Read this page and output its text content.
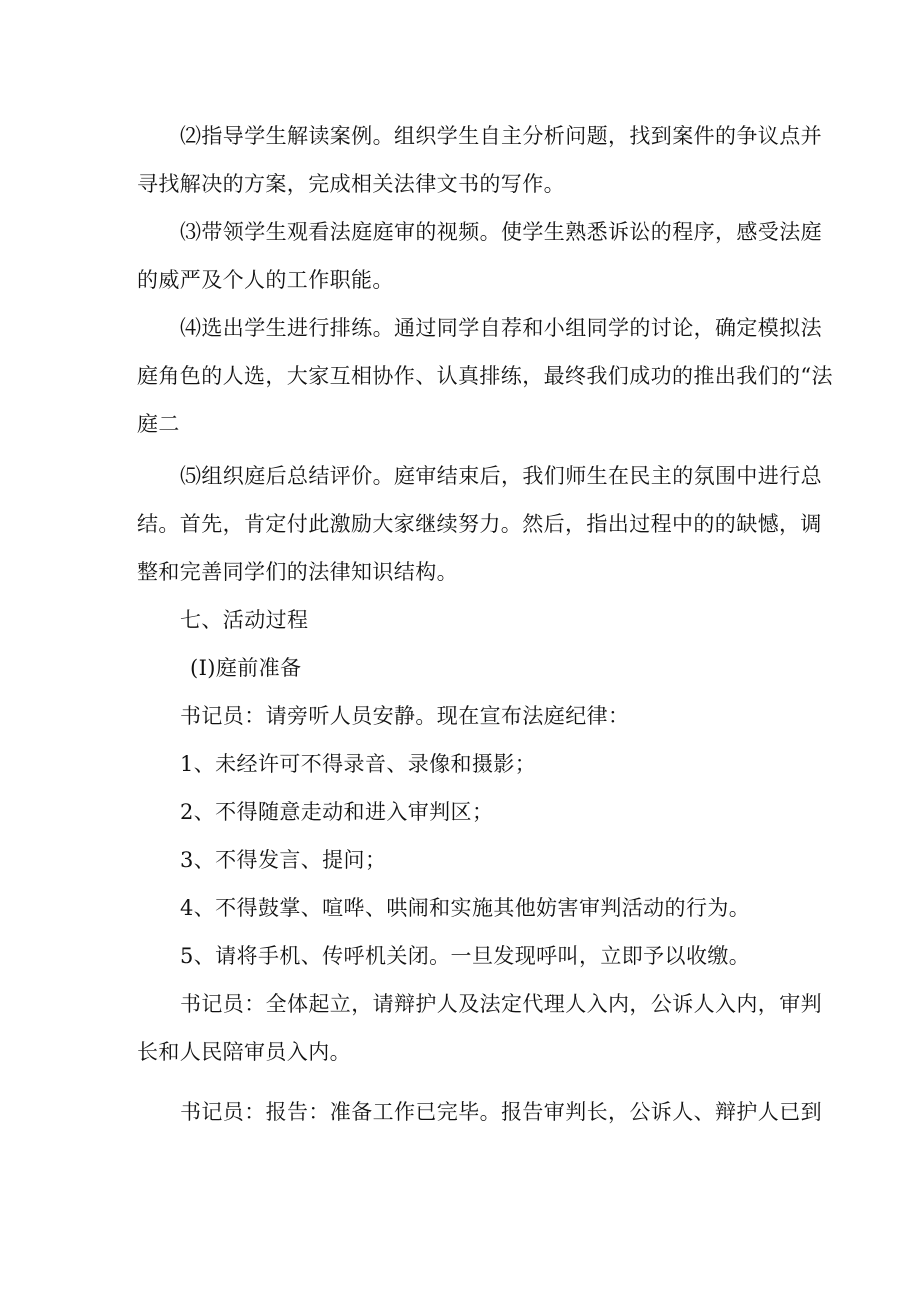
⑵指导学生解读案例。组织学生自主分析问题，找到案件的争议点并
寻找解决的方案，完成相关法律文书的写作。
⑶带领学生观看法庭庭审的视频。使学生熟悉诉讼的程序，感受法庭
的威严及个人的工作职能。
⑷选出学生进行排练。通过同学自荐和小组同学的讨论，确定模拟法
庭角色的人选，大家互相协作、认真排练，最终我们成功的推出我们的“法
庭二
⑸组织庭后总结评价。庭审结束后，我们师生在民主的氛围中进行总
结。首先，肯定付此激励大家继续努力。然后，指出过程中的的缺憾，调
整和完善同学们的法律知识结构。
七、活动过程
(I)庭前准备
书记员：请旁听人员安静。现在宣布法庭纪律：
1、未经许可不得录音、录像和摄影；
2、不得随意走动和进入审判区；
3、不得发言、提问；
4、不得鼓掌、喧哗、哄闹和实施其他妨害审判活动的行为。
5、请将手机、传呼机关闭。一旦发现呼叫，立即予以收缴。
书记员：全体起立，请辩护人及法定代理人入内，公诉人入内，审判
长和人民陪审员入内。
书记员：报告：准备工作已完毕。报告审判长，公诉人、辩护人已到
